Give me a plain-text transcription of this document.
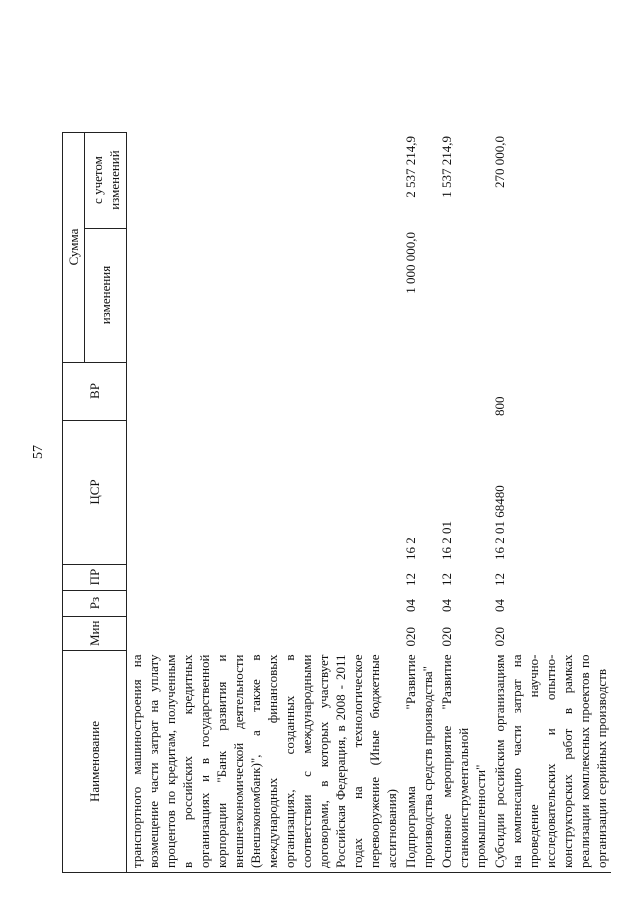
57
Наименование	Мин	Рз	ПР	ЦСР	ВР	Сумма	
						изменения	с учетом изменений
транспортного машиностроения на возмещение части затрат на уплату процентов по кредитам, полученным в российских кредитных организациях и в государственной корпорации "Банк развития и внешнеэкономической деятельности (Внешэкономбанк)", а также в международных финансовых организациях, созданных в соответствии с международными договорами, в которых участвует Российская Федерация, в 2008 - 2011 годах на технологическое перевооружение (Иные бюджетные ассигнования)							
Подпрограмма "Развитие производства средств производства"	020	04	12	16 2		1 000 000,0	2 537 214,9
Основное мероприятие "Развитие станкоинструментальной промышленности"	020	04	12	16 2 01			1 537 214,9
Субсидии российским организациям на компенсацию части затрат на проведение научно-исследовательских и опытно-конструкторских работ в рамках реализации комплексных проектов по организации серийных производств	020	04	12	16 2 01 68480	800		270 000,0
